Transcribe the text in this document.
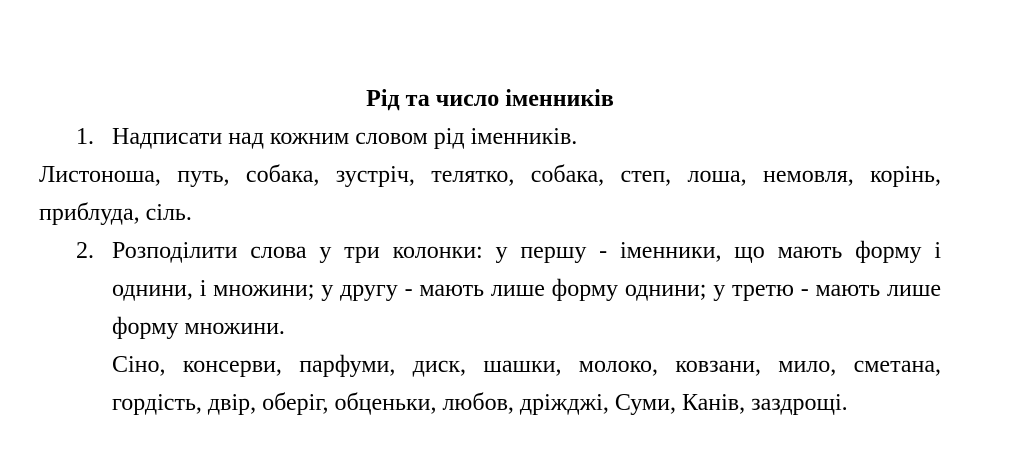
Рід та число іменників

1. Надписати над кожним словом рід іменників.

Листоноша, путь, собака, зустріч, телятко, собака, степ, лоша, немовля, корінь, приблуда, сіль.

2. Розподілити слова у три колонки: у першу - іменники, що мають форму і однини, і множини; у другу - мають лише форму однини; у третю - мають лише форму множини.

Сіно, консерви, парфуми, диск, шашки, молоко, ковзани, мило, сметана, гордість, двір, оберіг, обценьки, любов, дріжджі, Суми, Канів, заздрощі.
